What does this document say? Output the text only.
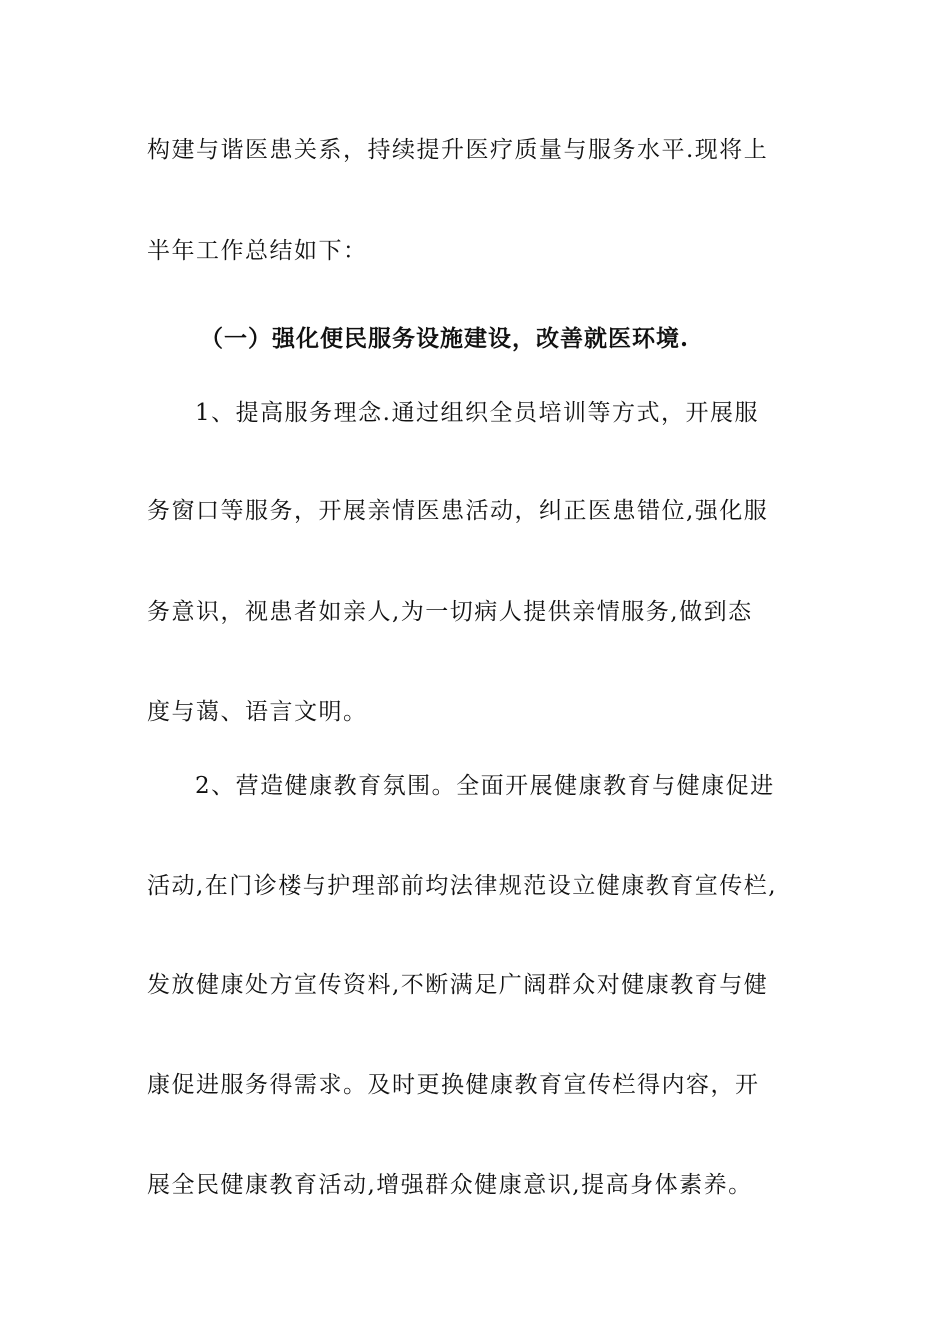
构建与谐医患关系，持续提升医疗质量与服务水平.现将上
半年工作总结如下：
（一）强化便民服务设施建设，改善就医环境.
1、提高服务理念.通过组织全员培训等方式，开展服
务窗口等服务，开展亲情医患活动，纠正医患错位,强化服
务意识，视患者如亲人,为一切病人提供亲情服务,做到态
度与蔼、语言文明。
2、营造健康教育氛围。全面开展健康教育与健康促进
活动,在门诊楼与护理部前均法律规范设立健康教育宣传栏,
发放健康处方宣传资料,不断满足广阔群众对健康教育与健
康促进服务得需求。及时更换健康教育宣传栏得内容，开
展全民健康教育活动,增强群众健康意识,提高身体素养。
